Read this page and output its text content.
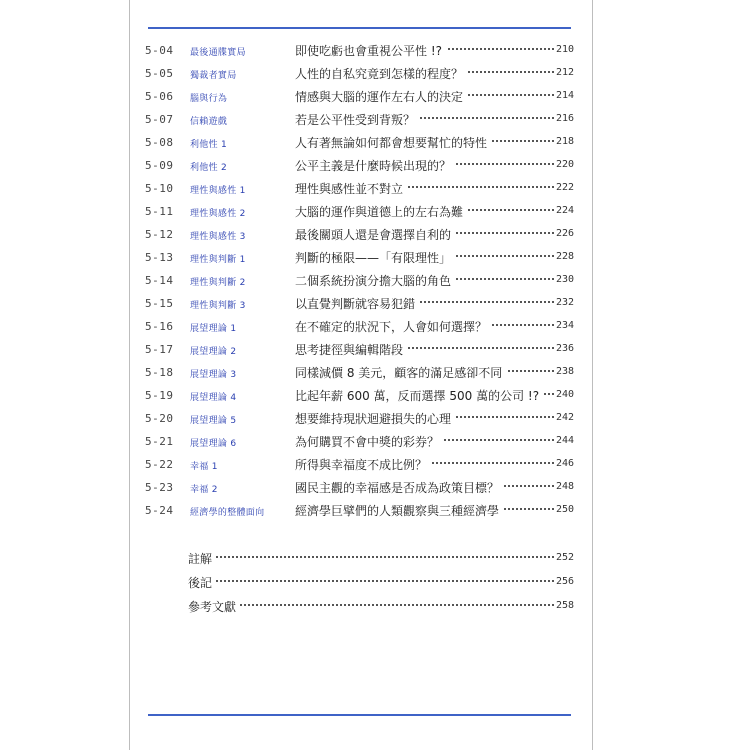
5-04 最後通牒實局	即使吃虧也會重視公平性 !?	210
5-05 獨裁者實局	人性的自私究竟到怎樣的程度？	212
5-06 腦與行為	情感與大腦的運作左右人的決定	214
5-07 信賴遊戲	若是公平性受到背叛？	216
5-08 利他性 1	人有著無論如何都會想要幫忙的特性	218
5-09 利他性 2	公平主義是什麼時候出現的？	220
5-10 理性與感性 1	理性與感性並不對立	222
5-11 理性與感性 2	大腦的運作與道德上的左右為難	224
5-12 理性與感性 3	最後關頭人還是會選擇自利的	226
5-13 理性與判斷 1	判斷的極限——「有限理性」	228
5-14 理性與判斷 2	二個系統扮演分擔大腦的角色	230
5-15 理性與判斷 3	以直覺判斷就容易犯錯	232
5-16 展望理論 1	在不確定的狀況下，人會如何選擇？	234
5-17 展望理論 2	思考捷徑與編輯階段	236
5-18 展望理論 3	同樣減價 8 美元，顧客的滿足感卻不同	238
5-19 展望理論 4	比起年薪 600 萬，反而選擇 500 萬的公司 !?	240
5-20 展望理論 5	想要維持現狀迴避損失的心理	242
5-21 展望理論 6	為何購買不會中獎的彩券？	244
5-22 幸福 1	所得與幸福度不成比例？	246
5-23 幸福 2	國民主觀的幸福感是否成為政策目標？	248
5-24 經濟學的整體面向	經濟學巨擘們的人類觀察與三種經濟學	250
註解	252
後記	256
參考文獻	258
